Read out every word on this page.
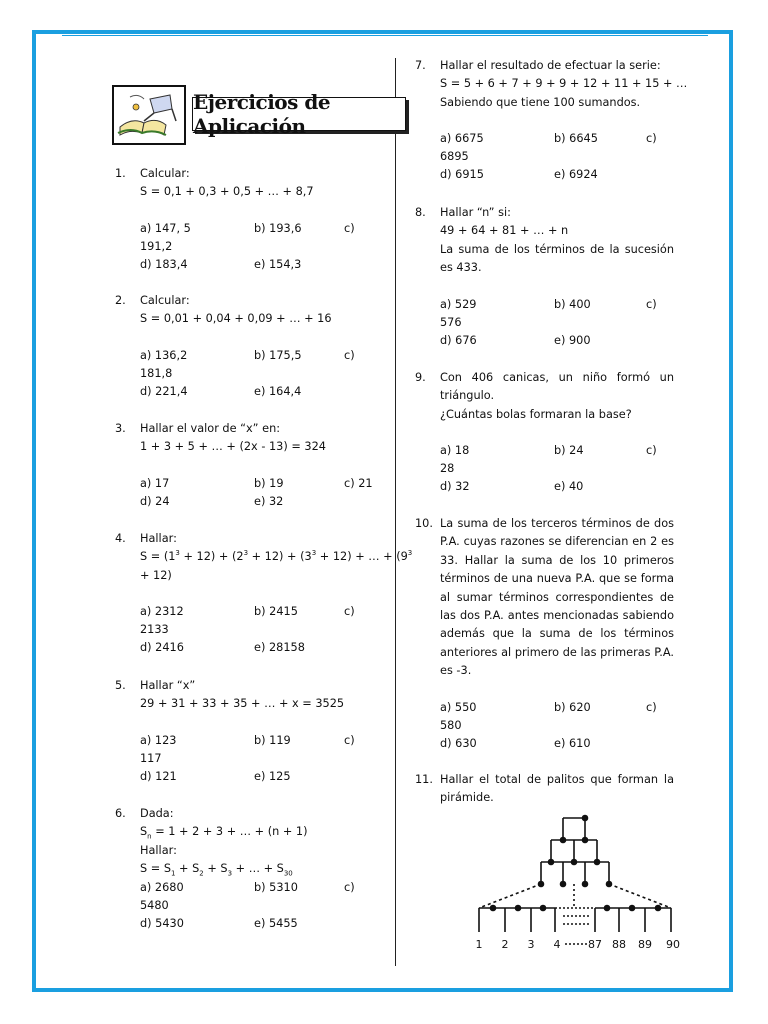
Ejercicios de Aplicación
1.	Calcular:
S = 0,1 + 0,3 + 0,5 + … + 8,7
a) 147, 5	b) 193,6	c)
191,2
d) 183,4	e) 154,3
2.	Calcular:
S = 0,01 + 0,04 + 0,09 + … + 16
a) 136,2	b) 175,5	c)
181,8
d) 221,4	e) 164,4
3.	Hallar el valor de “x” en:
1 + 3 + 5 + … + (2x - 13) = 324
a) 17	b) 19	c) 21
d) 24	e) 32
4.	Hallar:
$S = (1^3 + 12) + (2^3 + 12) + (3^3 + 12)$ + … + ($9^3$
+ 12)
a) 2312	b) 2415	c)
2133
d) 2416	e) 28158
5.	Hallar “x”
29 + 31 + 33 + 35 + … + x = 3525
a) 123	b) 119	c)
117
d) 121	e) 125
6.	Dada:
$S_n = 1 + 2 + 3$ + … + (n + 1)
Hallar:
$S = S_1 + S_2 + S_3$ + … + $S_{30}$
a) 2680	b) 5310	c)
5480
d) 5430	e) 5455
7.	Hallar el resultado de efectuar la serie:
S = 5 + 6 + 7 + 9 + 9 + 12 + 11 + 15 + …
Sabiendo que tiene 100 sumandos.
a) 6675	b) 6645	c)
6895
d) 6915	e) 6924
8.	Hallar “n” si:
49 + 64 + 81 + … + n
La suma de los términos de la sucesión es 433.
a) 529	b) 400	c)
576
d) 676	e) 900
9.	Con 406 canicas, un niño formó un triángulo.
¿Cuántas bolas formaran la base?
a) 18	b) 24	c)
28
d) 32	e) 40
10. La suma de los terceros términos de dos P.A. cuyas razones se diferencian en 2 es 33. Hallar la suma de los 10 primeros términos de una nueva P.A. que se forma al sumar términos correspondientes de las dos P.A. antes mencionadas sabiendo además que la suma de los términos anteriores al primero de las primeras P.A. es -3.
a) 550	b) 620	c)
580
d) 630	e) 610
11. Hallar el total de palitos que forman la pirámide.
1 2 3 4	87 88 89 90
